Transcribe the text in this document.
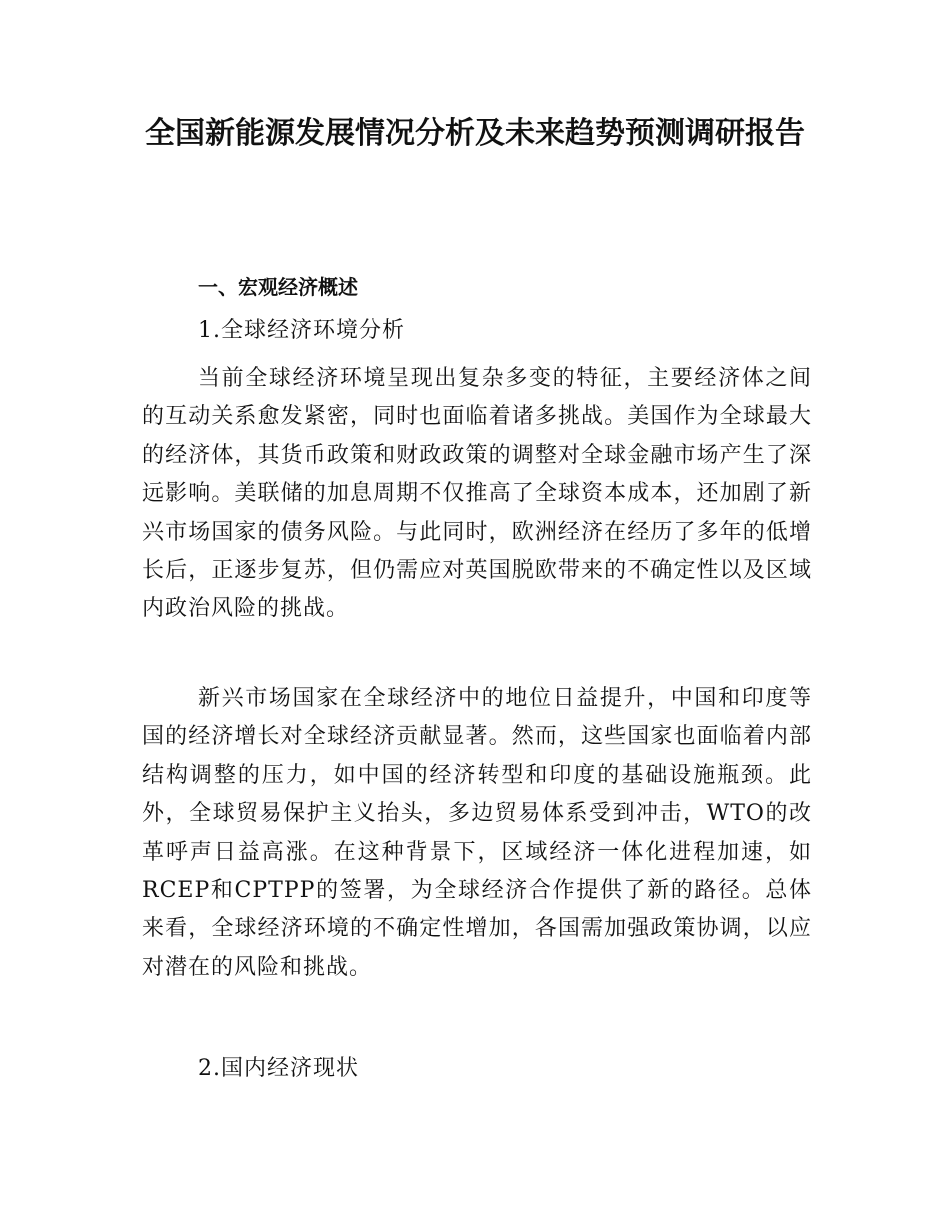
全国新能源发展情况分析及未来趋势预测调研报告
一、宏观经济概述
1.全球经济环境分析

当前全球经济环境呈现出复杂多变的特征，主要经济体之间的互动关系愈发紧密，同时也面临着诸多挑战。美国作为全球最大的经济体，其货币政策和财政政策的调整对全球金融市场产生了深远影响。美联储的加息周期不仅推高了全球资本成本，还加剧了新兴市场国家的债务风险。与此同时，欧洲经济在经历了多年的低增长后，正逐步复苏，但仍需应对英国脱欧带来的不确定性以及区域内政治风险的挑战。

新兴市场国家在全球经济中的地位日益提升，中国和印度等国的经济增长对全球经济贡献显著。然而，这些国家也面临着内部结构调整的压力，如中国的经济转型和印度的基础设施瓶颈。此外，全球贸易保护主义抬头，多边贸易体系受到冲击，WTO的改革呼声日益高涨。在这种背景下，区域经济一体化进程加速，如RCEP和CPTPP的签署，为全球经济合作提供了新的路径。总体来看，全球经济环境的不确定性增加，各国需加强政策协调，以应对潜在的风险和挑战。

2.国内经济现状
